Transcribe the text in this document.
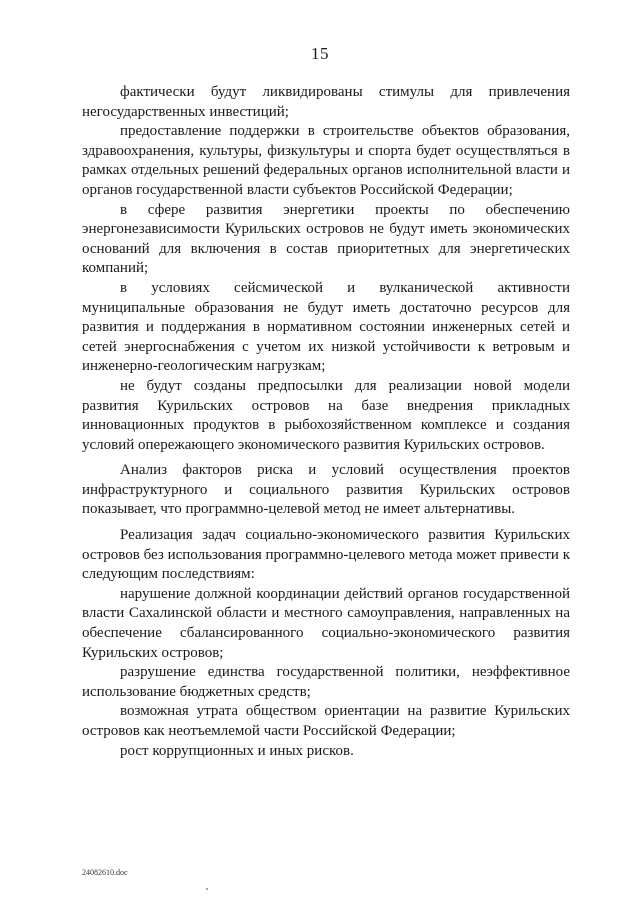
15

фактически будут ликвидированы стимулы для привлечения негосударственных инвестиций;

предоставление поддержки в строительстве объектов образования, здравоохранения, культуры, физкультуры и спорта будет осуществляться в рамках отдельных решений федеральных органов исполнительной власти и органов государственной власти субъектов Российской Федерации;

в сфере развития энергетики проекты по обеспечению энергонезависимости Курильских островов не будут иметь экономических оснований для включения в состав приоритетных для энергетических компаний;

в условиях сейсмической и вулканической активности муниципальные образования не будут иметь достаточно ресурсов для развития и поддержания в нормативном состоянии инженерных сетей и сетей энергоснабжения с учетом их низкой устойчивости к ветровым и инженерно-геологическим нагрузкам;

не будут созданы предпосылки для реализации новой модели развития Курильских островов на базе внедрения прикладных инновационных продуктов в рыбохозяйственном комплексе и создания условий опережающего экономического развития Курильских островов.

Анализ факторов риска и условий осуществления проектов инфраструктурного и социального развития Курильских островов показывает, что программно-целевой метод не имеет альтернативы.

Реализация задач социально-экономического развития Курильских островов без использования программно-целевого метода может привести к следующим последствиям:

нарушение должной координации действий органов государственной власти Сахалинской области и местного самоуправления, направленных на обеспечение сбалансированного социально-экономического развития Курильских островов;

разрушение единства государственной политики, неэффективное использование бюджетных средств;

возможная утрата обществом ориентации на развитие Курильских островов как неотъемлемой части Российской Федерации;

рост коррупционных и иных рисков.

24082610.doc
